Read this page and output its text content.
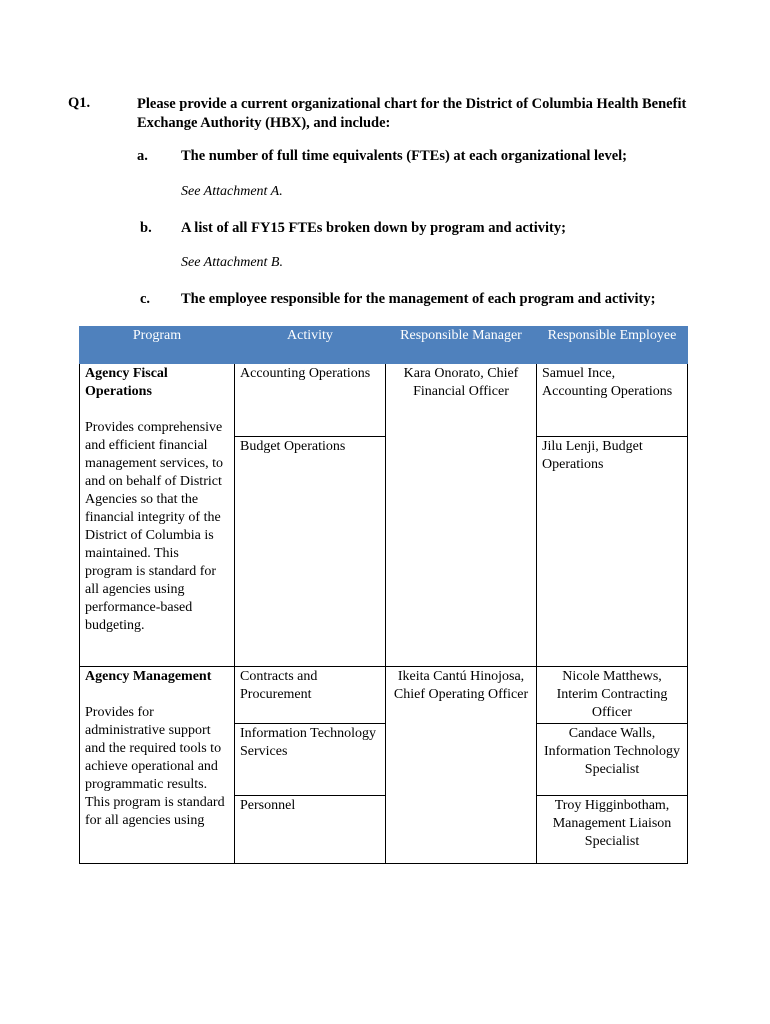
Q1.	Please provide a current organizational chart for the District of Columbia Health Benefit Exchange Authority (HBX), and include:
a. The number of full time equivalents (FTEs) at each organizational level;
See Attachment A.
b. A list of all FY15 FTEs broken down by program and activity;
See Attachment B.
c. The employee responsible for the management of each program and activity;
Program	Activity	Responsible Manager	Responsible Employee

Agency Fiscal Operations
Provides comprehensive and efficient financial management services, to and on behalf of District Agencies so that the financial integrity of the District of Columbia is maintained. This program is standard for all agencies using performance-based budgeting.	Accounting Operations	Kara Onorato, Chief Financial Officer	Samuel Ince, Accounting Operations
	Budget Operations		Jilu Lenji, Budget Operations

Agency Management
Provides for administrative support and the required tools to achieve operational and programmatic results. This program is standard for all agencies using	Contracts and Procurement	Ikeita Cantú Hinojosa, Chief Operating Officer	Nicole Matthews, Interim Contracting Officer
	Information Technology Services		Candace Walls, Information Technology Specialist
	Personnel		Troy Higginbotham, Management Liaison Specialist
